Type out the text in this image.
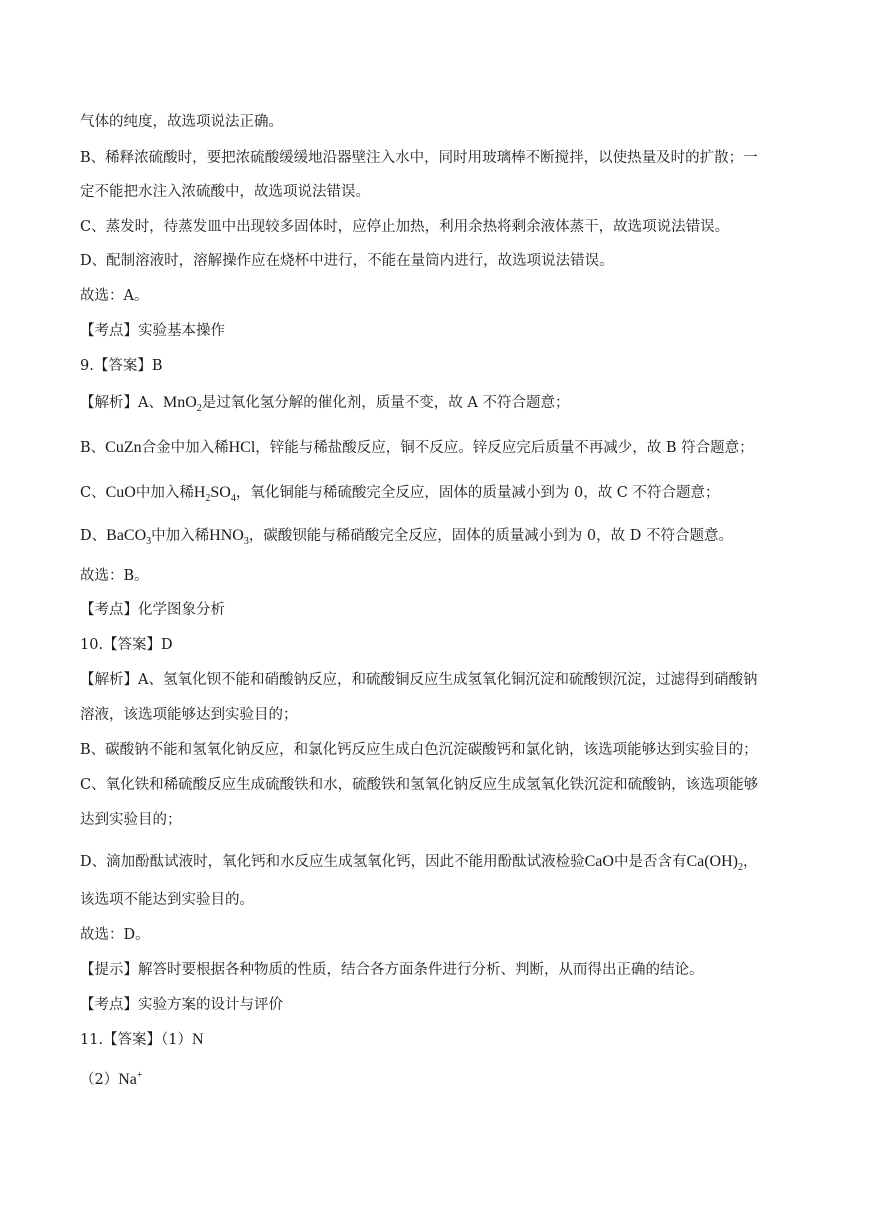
气体的纯度，故选项说法正确。
B、稀释浓硫酸时，要把浓硫酸缓缓地沿器壁注入水中，同时用玻璃棒不断搅拌，以使热量及时的扩散；一
定不能把水注入浓硫酸中，故选项说法错误。
C、蒸发时，待蒸发皿中出现较多固体时，应停止加热，利用余热将剩余液体蒸干，故选项说法错误。
D、配制溶液时，溶解操作应在烧杯中进行，不能在量筒内进行，故选项说法错误。
故选：A。
【考点】实验基本操作
9.【答案】B
【解析】A、MnO$_2$是过氧化氢分解的催化剂，质量不变，故 A 不符合题意；
B、CuZn合金中加入稀HCl，锌能与稀盐酸反应，铜不反应。锌反应完后质量不再减少，故 B 符合题意；
C、CuO中加入稀$H_2SO_4$，氧化铜能与稀硫酸完全反应，固体的质量减小到为 0，故 C 不符合题意；
D、BaCO$_3$中加入稀$HNO_3$，碳酸钡能与稀硝酸完全反应，固体的质量减小到为 0，故 D 不符合题意。
故选：B。
【考点】化学图象分析
10.【答案】D
【解析】A、氢氧化钡不能和硝酸钠反应，和硫酸铜反应生成氢氧化铜沉淀和硫酸钡沉淀，过滤得到硝酸钠
溶液，该选项能够达到实验目的；
B、碳酸钠不能和氢氧化钠反应，和氯化钙反应生成白色沉淀碳酸钙和氯化钠，该选项能够达到实验目的；
C、氧化铁和稀硫酸反应生成硫酸铁和水，硫酸铁和氢氧化钠反应生成氢氧化铁沉淀和硫酸钠，该选项能够
达到实验目的；
D、滴加酚酞试液时，氧化钙和水反应生成氢氧化钙，因此不能用酚酞试液检验CaO中是否含有$Ca(OH)_2$，
该选项不能达到实验目的。
故选：D。
【提示】解答时要根据各种物质的性质，结合各方面条件进行分析、判断，从而得出正确的结论。
【考点】实验方案的设计与评价
11.【答案】（1）N
（2）Na+
